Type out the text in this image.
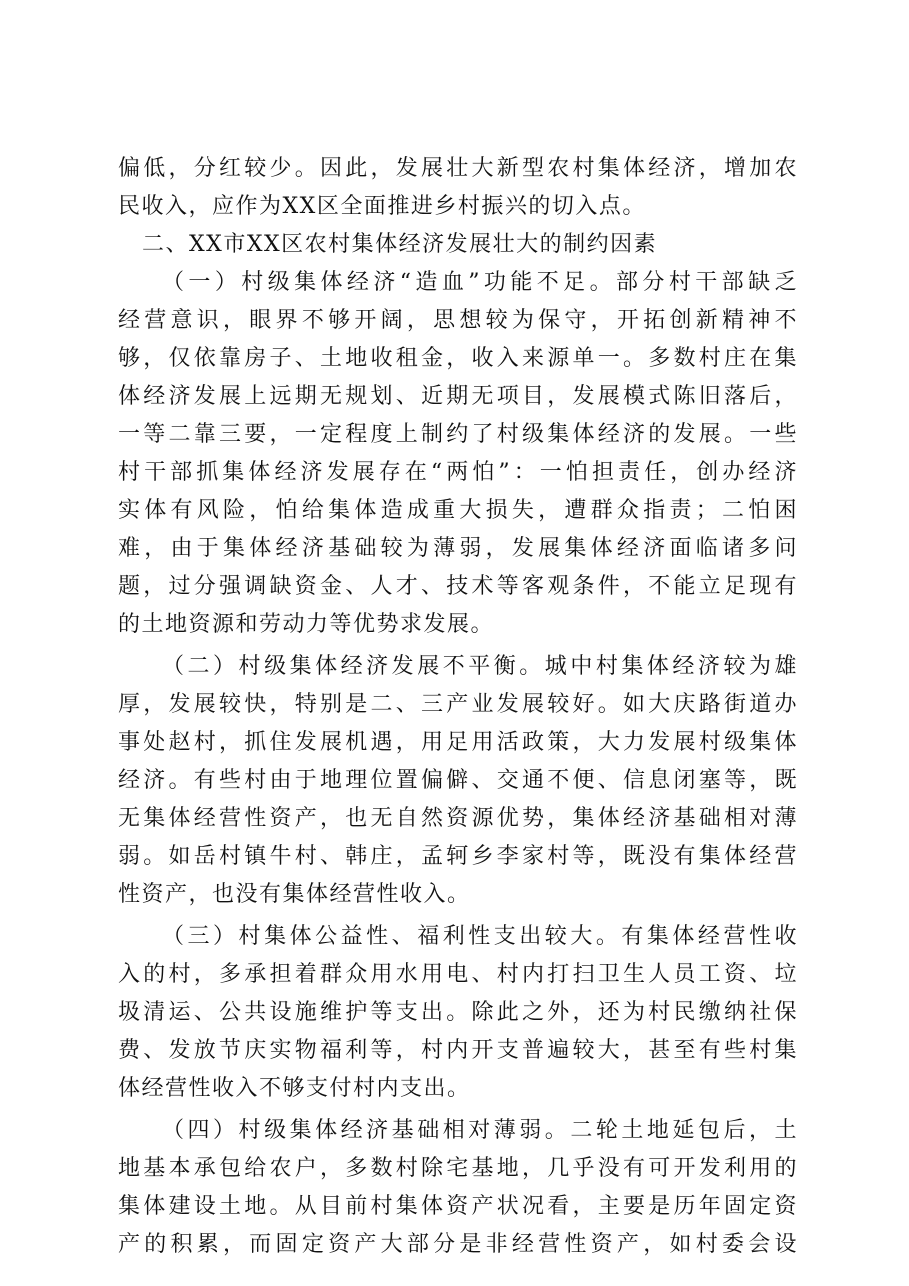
偏低，分红较少。因此，发展壮大新型农村集体经济，增加农
民收入，应作为XX区全面推进乡村振兴的切入点。
二、XX市XX区农村集体经济发展壮大的制约因素
（一）村级集体经济“造血”功能不足。部分村干部缺乏
经营意识，眼界不够开阔，思想较为保守，开拓创新精神不
够，仅依靠房子、土地收租金，收入来源单一。多数村庄在集
体经济发展上远期无规划、近期无项目，发展模式陈旧落后，
一等二靠三要，一定程度上制约了村级集体经济的发展。一些
村干部抓集体经济发展存在“两怕”：一怕担责任，创办经济
实体有风险，怕给集体造成重大损失，遭群众指责；二怕困
难，由于集体经济基础较为薄弱，发展集体经济面临诸多问
题，过分强调缺资金、人才、技术等客观条件，不能立足现有
的土地资源和劳动力等优势求发展。
（二）村级集体经济发展不平衡。城中村集体经济较为雄
厚，发展较快，特别是二、三产业发展较好。如大庆路街道办
事处赵村，抓住发展机遇，用足用活政策，大力发展村级集体
经济。有些村由于地理位置偏僻、交通不便、信息闭塞等，既
无集体经营性资产，也无自然资源优势，集体经济基础相对薄
弱。如岳村镇牛村、韩庄，孟轲乡李家村等，既没有集体经营
性资产，也没有集体经营性收入。
（三）村集体公益性、福利性支出较大。有集体经营性收
入的村，多承担着群众用水用电、村内打扫卫生人员工资、垃
圾清运、公共设施维护等支出。除此之外，还为村民缴纳社保
费、发放节庆实物福利等，村内开支普遍较大，甚至有些村集
体经营性收入不够支付村内支出。
（四）村级集体经济基础相对薄弱。二轮土地延包后，土
地基本承包给农户，多数村除宅基地，几乎没有可开发利用的
集体建设土地。从目前村集体资产状况看，主要是历年固定资
产的积累，而固定资产大部分是非经营性资产，如村委会设
